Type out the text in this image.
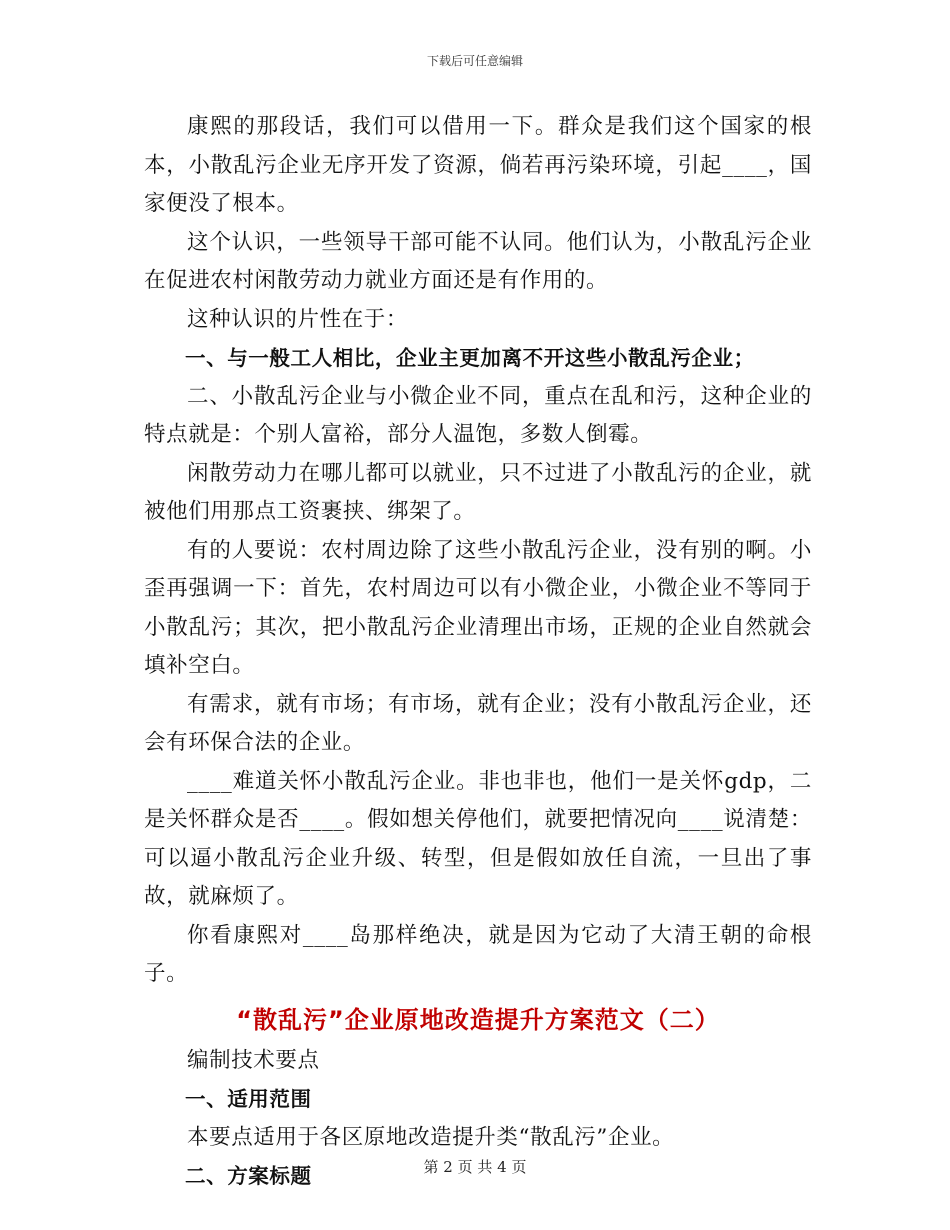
下载后可任意编辑

康熙的那段话，我们可以借用一下。群众是我们这个国家的根本，小散乱污企业无序开发了资源，倘若再污染环境，引起____，国家便没了根本。

这个认识，一些领导干部可能不认同。他们认为，小散乱污企业在促进农村闲散劳动力就业方面还是有作用的。

这种认识的片性在于：

一、与一般工人相比，企业主更加离不开这些小散乱污企业；

二、小散乱污企业与小微企业不同，重点在乱和污，这种企业的特点就是：个别人富裕，部分人温饱，多数人倒霉。

闲散劳动力在哪儿都可以就业，只不过进了小散乱污的企业，就被他们用那点工资裹挟、绑架了。

有的人要说：农村周边除了这些小散乱污企业，没有别的啊。小歪再强调一下：首先，农村周边可以有小微企业，小微企业不等同于小散乱污；其次，把小散乱污企业清理出市场，正规的企业自然就会填补空白。

有需求，就有市场；有市场，就有企业；没有小散乱污企业，还会有环保合法的企业。

____难道关怀小散乱污企业。非也非也，他们一是关怀gdp，二是关怀群众是否____。假如想关停他们，就要把情况向____说清楚：可以逼小散乱污企业升级、转型，但是假如放任自流，一旦出了事故，就麻烦了。

你看康熙对____岛那样绝决，就是因为它动了大清王朝的命根子。

“散乱污”企业原地改造提升方案范文（二）

编制技术要点

一、适用范围

本要点适用于各区原地改造提升类“散乱污”企业。

二、方案标题	第 2 页 共 4 页
